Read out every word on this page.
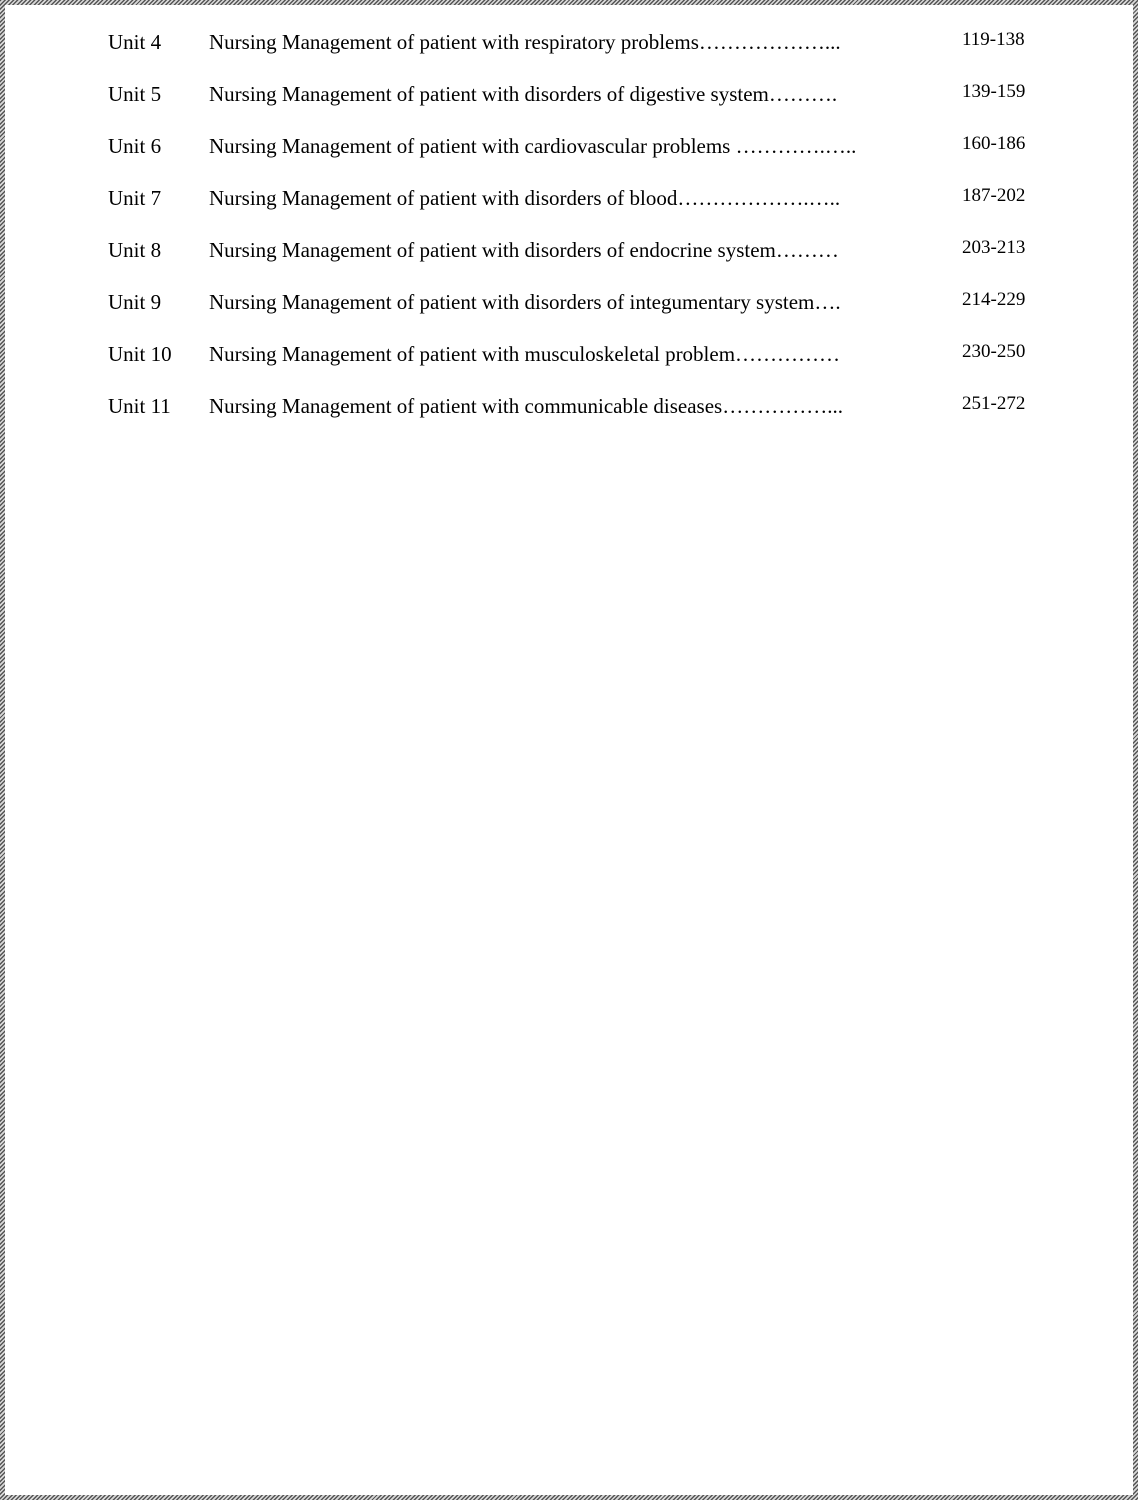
Unit 4 Nursing Management of patient with respiratory problems………………...	119-138
Unit 5 Nursing Management of patient with disorders of digestive system……….	139-159
Unit 6 Nursing Management of patient with cardiovascular problems ………….…..	160-186
Unit 7 Nursing Management of patient with disorders of blood……………….…..	187-202
Unit 8 Nursing Management of patient with disorders of endocrine system………	203-213
Unit 9 Nursing Management of patient with disorders of integumentary system….	214-229
Unit 10 Nursing Management of patient with musculoskeletal problem……………	230-250
Unit 11 Nursing Management of patient with communicable diseases……………...	251-272
